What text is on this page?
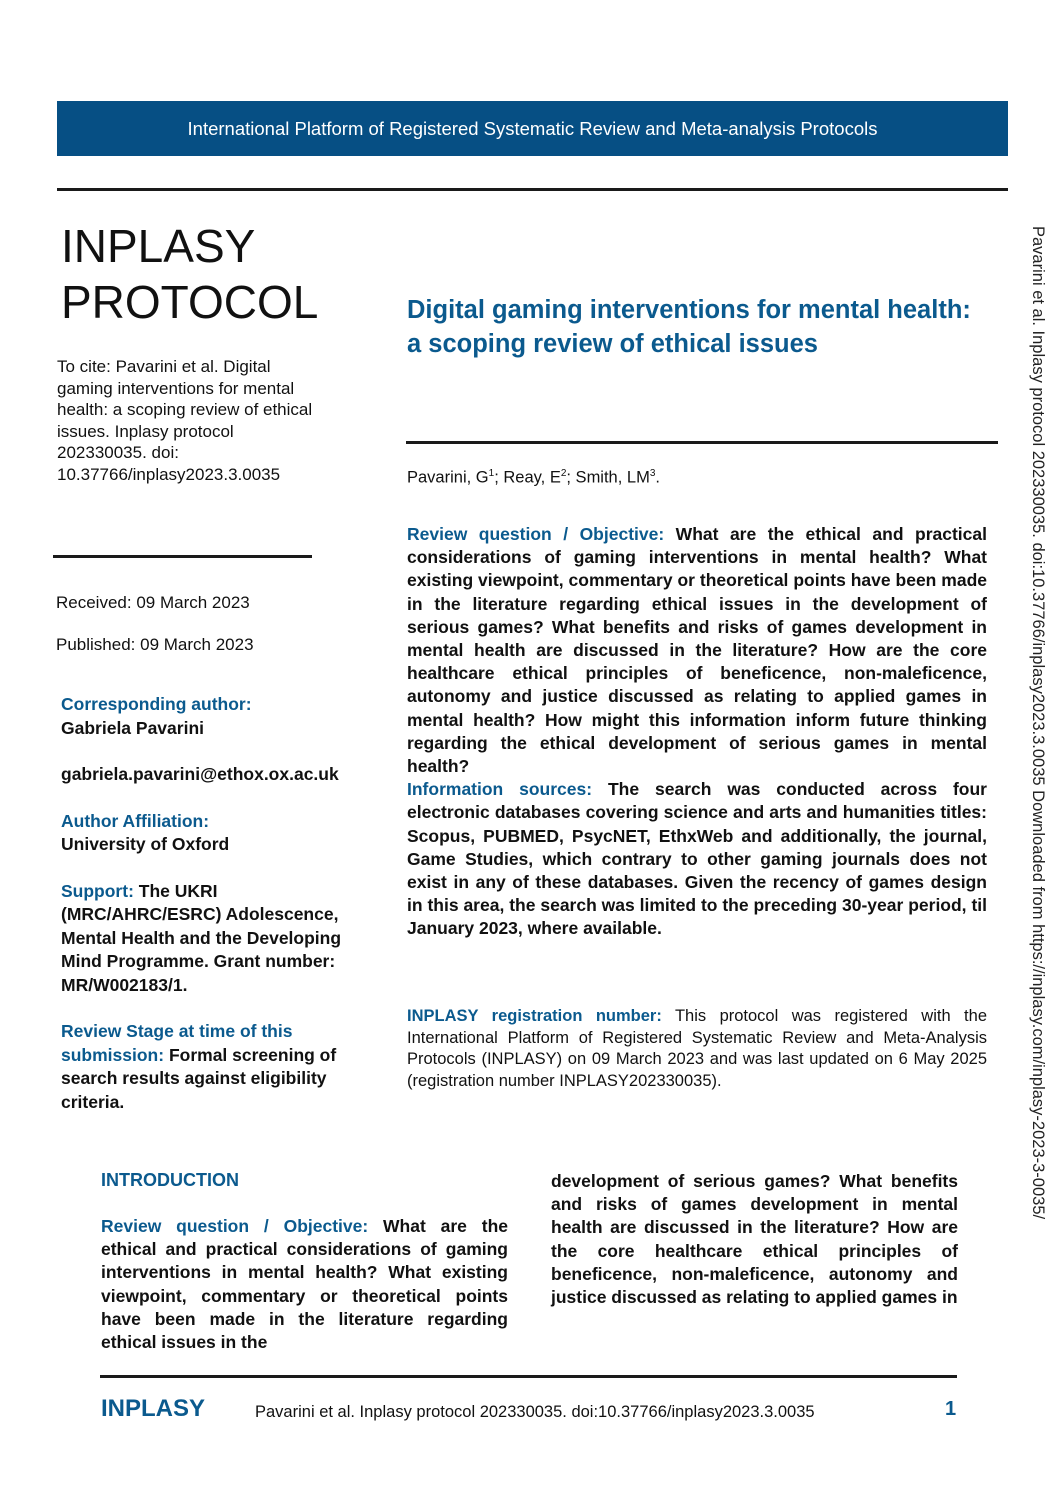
International Platform of Registered Systematic Review and Meta-analysis Protocols
INPLASY
PROTOCOL
To cite: Pavarini et al. Digital gaming interventions for mental health: a scoping review of ethical issues. Inplasy protocol 202330035. doi: 10.37766/inplasy2023.3.0035
Received: 09 March 2023
Published: 09 March 2023
Corresponding author:
Gabriela Pavarini
gabriela.pavarini@ethox.ox.ac.uk
Author Affiliation:
University of Oxford
Support: The UKRI (MRC/AHRC/ESRC) Adolescence, Mental Health and the Developing Mind Programme. Grant number: MR/W002183/1.
Review Stage at time of this submission: Formal screening of search results against eligibility criteria.
Digital gaming interventions for mental health: a scoping review of ethical issues
Pavarini, $G^1$; Reay, $E^2$; Smith, $LM^3$.
Review question / Objective: What are the ethical and practical considerations of gaming interventions in mental health? What existing viewpoint, commentary or theoretical points have been made in the literature regarding ethical issues in the development of serious games? What benefits and risks of games development in mental health are discussed in the literature? How are the core healthcare ethical principles of beneficence, non-maleficence, autonomy and justice discussed as relating to applied games in mental health? How might this information inform future thinking regarding the ethical development of serious games in mental health?
Information sources: The search was conducted across four electronic databases covering science and arts and humanities titles: Scopus, PUBMED, PsycNET, EthxWeb and additionally, the journal, Game Studies, which contrary to other gaming journals does not exist in any of these databases. Given the recency of games design in this area, the search was limited to the preceding 30-year period, til January 2023, where available.
INPLASY registration number: This protocol was registered with the International Platform of Registered Systematic Review and Meta-Analysis Protocols (INPLASY) on 09 March 2023 and was last updated on 6 May 2025 (registration number INPLASY202330035).
INTRODUCTION
Review question / Objective: What are the ethical and practical considerations of gaming interventions in mental health? What existing viewpoint, commentary or theoretical points have been made in the literature regarding ethical issues in the
development of serious games? What benefits and risks of games development in mental health are discussed in the literature? How are the core healthcare ethical principles of beneficence, non-maleficence, autonomy and justice discussed as relating to applied games in
INPLASY	Pavarini et al. Inplasy protocol 202330035. doi:10.37766/inplasy2023.3.0035	1
Pavarini et al. Inplasy protocol 202330035. doi:10.37766/inplasy2023.3.0035 Downloaded from https://inplasy.com/inplasy-2023-3-0035/
